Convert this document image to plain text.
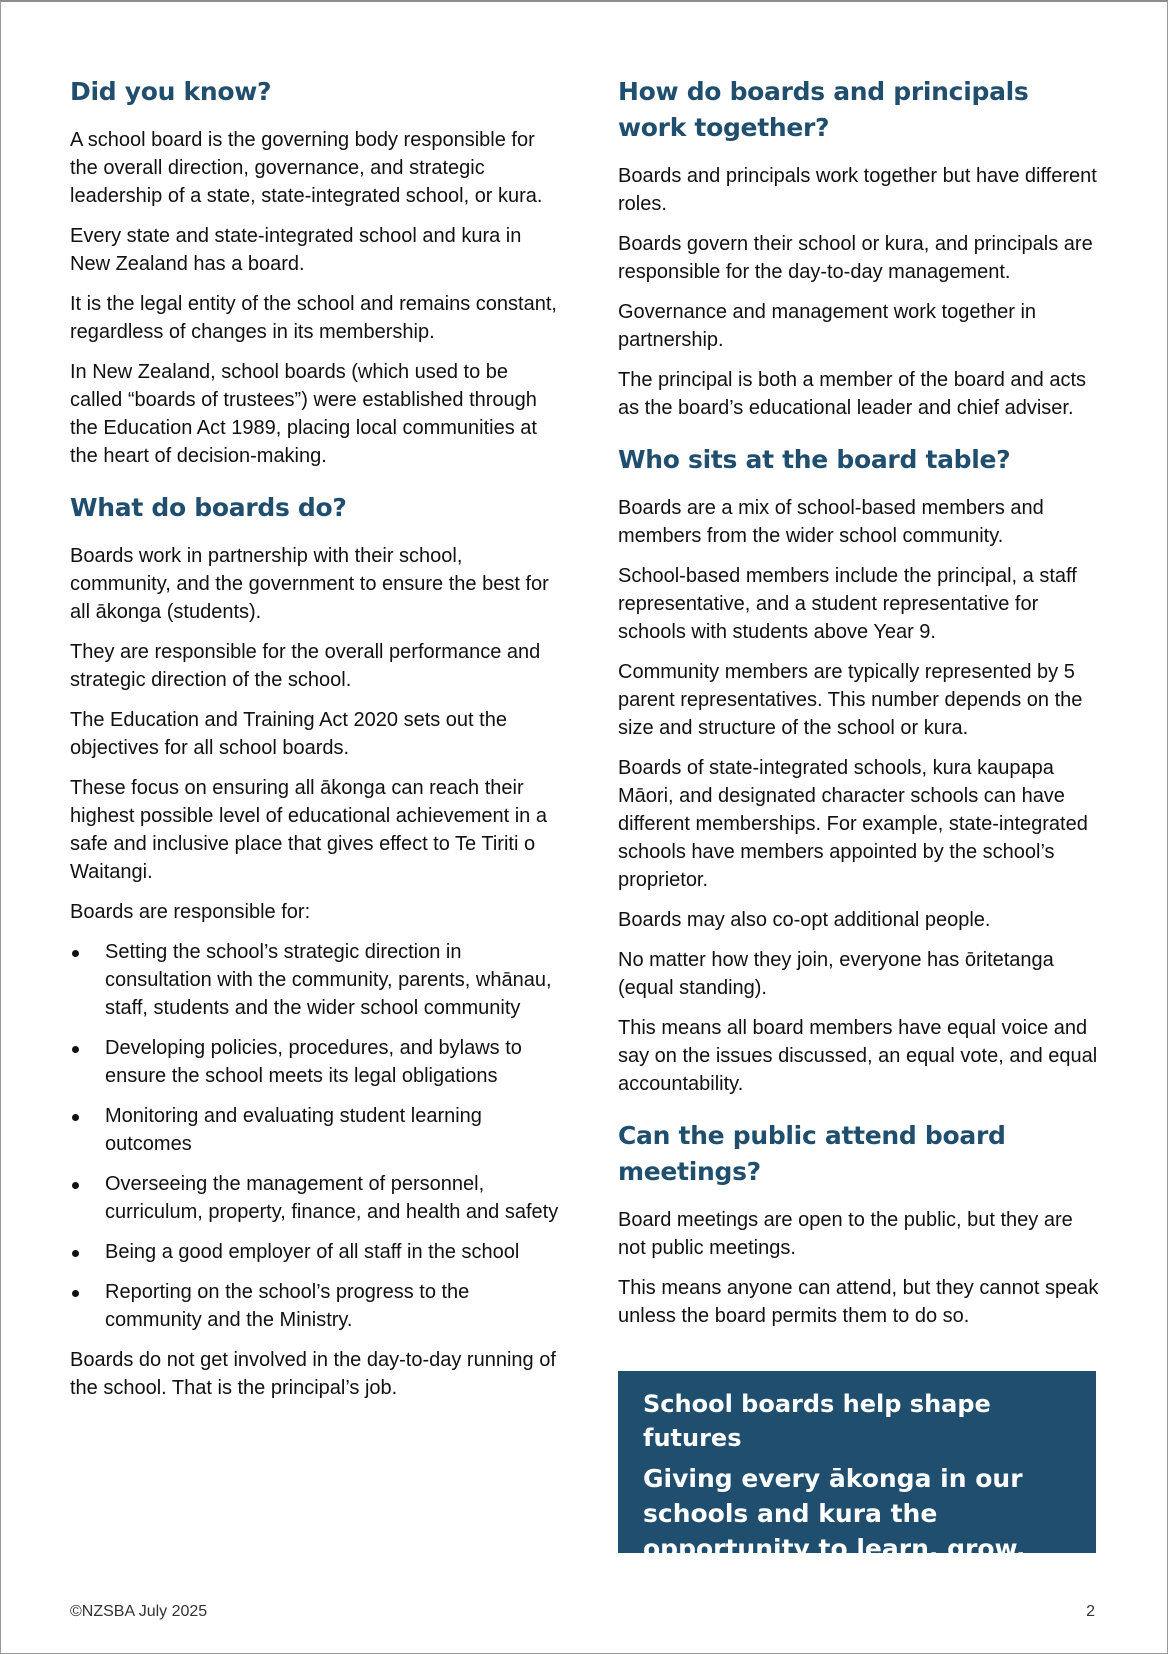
Did you know?

A school board is the governing body responsible for the overall direction, governance, and strategic leadership of a state, state-integrated school, or kura.

Every state and state-integrated school and kura in New Zealand has a board.

It is the legal entity of the school and remains constant, regardless of changes in its membership.

In New Zealand, school boards (which used to be called “boards of trustees”) were established through the Education Act 1989, placing local communities at the heart of decision-making.

What do boards do?

Boards work in partnership with their school, community, and the government to ensure the best for all ākonga (students).

They are responsible for the overall performance and strategic direction of the school.

The Education and Training Act 2020 sets out the objectives for all school boards.

These focus on ensuring all ākonga can reach their highest possible level of educational achievement in a safe and inclusive place that gives effect to Te Tiriti o Waitangi.

Boards are responsible for:

Setting the school’s strategic direction in consultation with the community, parents, whānau, staff, students and the wider school community
Developing policies, procedures, and bylaws to ensure the school meets its legal obligations
Monitoring and evaluating student learning outcomes
Overseeing the management of personnel, curriculum, property, finance, and health and safety
Being a good employer of all staff in the school
Reporting on the school’s progress to the community and the Ministry.

Boards do not get involved in the day-to-day running of the school. That is the principal’s job.

How do boards and principals work together?

Boards and principals work together but have different roles.

Boards govern their school or kura, and principals are responsible for the day-to-day management.

Governance and management work together in partnership.

The principal is both a member of the board and acts as the board’s educational leader and chief adviser.

Who sits at the board table?

Boards are a mix of school-based members and members from the wider school community.

School-based members include the principal, a staff representative, and a student representative for schools with students above Year 9.

Community members are typically represented by 5 parent representatives. This number depends on the size and structure of the school or kura.

Boards of state-integrated schools, kura kaupapa Māori, and designated character schools can have different memberships. For example, state-integrated schools have members appointed by the school’s proprietor.

Boards may also co-opt additional people.

No matter how they join, everyone has ōritetanga (equal standing).

This means all board members have equal voice and say on the issues discussed, an equal vote, and equal accountability.

Can the public attend board meetings?

Board meetings are open to the public, but they are not public meetings.

This means anyone can attend, but they cannot speak unless the board permits them to do so.

School boards help shape futures
Giving every ākonga in our schools and kura the opportunity to learn, grow, and thrive.
©NZSBA July 2025	2
